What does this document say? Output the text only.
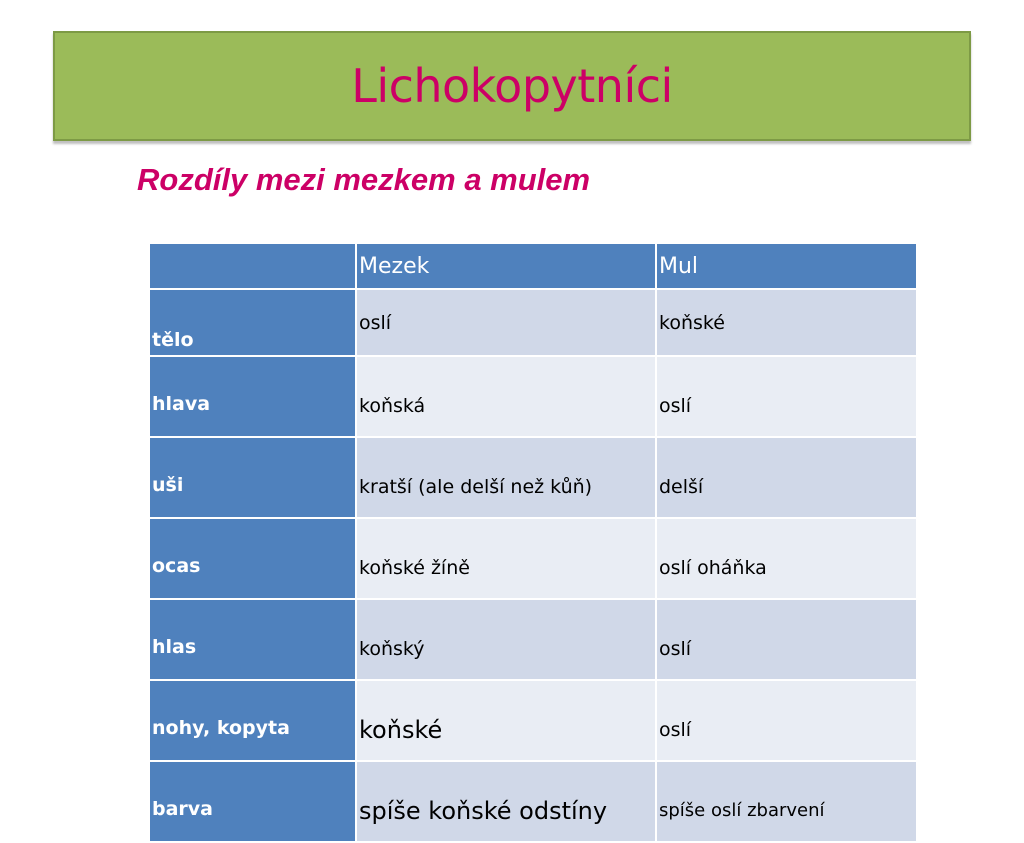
Lichokopytníci

Rozdíly mezi mezkem a mulem

	Mezek	Mul
tělo	oslí	koňské
hlava	koňská	oslí
uši	kratší (ale delší než kůň)	delší
ocas	koňské žíně	oslí oháňka
hlas	koňský	oslí
nohy, kopyta	koňské	oslí
barva	spíše koňské odstíny	spíše oslí zbarvení
